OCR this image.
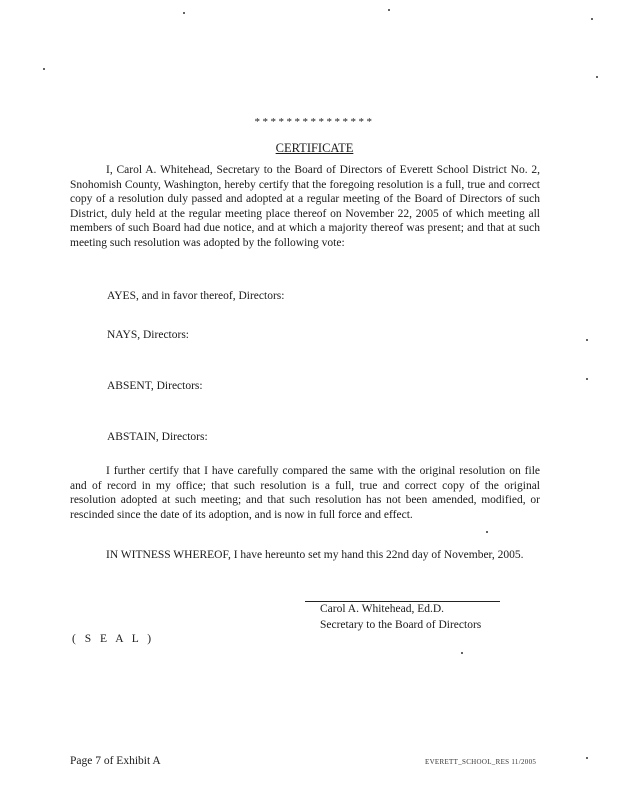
***************
CERTIFICATE

I, Carol A. Whitehead, Secretary to the Board of Directors of Everett School District No. 2, Snohomish County, Washington, hereby certify that the foregoing resolution is a full, true and correct copy of a resolution duly passed and adopted at a regular meeting of the Board of Directors of such District, duly held at the regular meeting place thereof on November 22, 2005 of which meeting all members of such Board had due notice, and at which a majority thereof was present; and that at such meeting such resolution was adopted by the following vote:

AYES, and in favor thereof, Directors:
NAYS, Directors:
ABSENT, Directors:
ABSTAIN, Directors:

I further certify that I have carefully compared the same with the original resolution on file and of record in my office; that such resolution is a full, true and correct copy of the original resolution adopted at such meeting; and that such resolution has not been amended, modified, or rescinded since the date of its adoption, and is now in full force and effect.

IN WITNESS WHEREOF, I have hereunto set my hand this 22nd day of November, 2005.

Carol A. Whitehead, Ed.D.
Secretary to the Board of Directors
( S E A L )
Page 7 of Exhibit A	EVERETT_SCHOOL_RES 11/2005
